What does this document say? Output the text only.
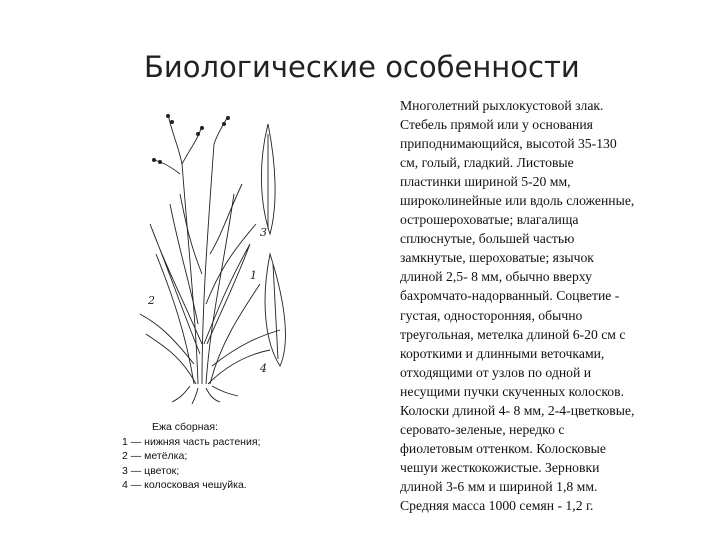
Биологические особенности
1
2
3
4
Ежа сборная:
1 — нижняя часть растения;
2 — метёлка;
3 — цветок;
4 — колосковая чешуйка.
Многолетний рыхлокустовой злак.
Стебель прямой или у основания
приподнимающийся, высотой 35-130
см, голый, гладкий. Листовые
пластинки шириной 5-20 мм,
широколинейные или вдоль сложенные,
острошероховатые; влагалища
сплюснутые, большей частью
замкнутые, шероховатые; язычок
длиной 2,5- 8 мм, обычно вверху
бахромчато-надорванный. Соцветие -
густая, односторонняя, обычно
треугольная, метелка длиной 6-20 см с
короткими и длинными веточками,
отходящими от узлов по одной и
несущими пучки скученных колосков.
Колоски длиной 4- 8 мм, 2-4-цветковые,
серовато-зеленые, нередко с
фиолетовым оттенком. Колосковые
чешуи жесткокожистые. Зерновки
длиной 3-6 мм и шириной 1,8 мм.
Средняя масса 1000 семян - 1,2 г.
